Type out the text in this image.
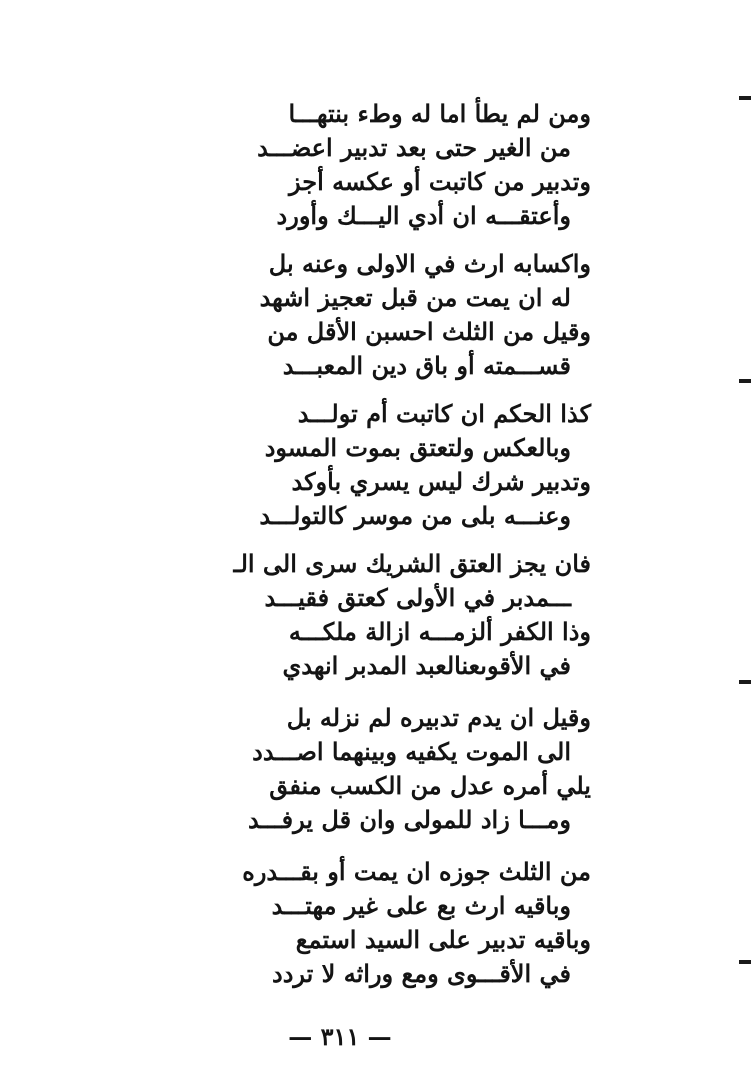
ومن لم يطأ اما له وطء بنتهـــا
من الغير حتى بعد تدبير اعضـــد
وتدبير من كاتبت أو عكسه أجز
وأعتقـــه ان أدي اليـــك وأورد
واكسابه ارث في الاولى وعنه بل
له ان يمت من قبل تعجيز اشهد
وقيل من الثلث احسبن الأقل من
قســـمته أو باق دين المعبـــد
كذا الحكم ان كاتبت أم تولـــد
وبالعكس ولتعتق بموت المسود
وتدبير شرك ليس يسري بأوكد
وعنـــه بلى من موسر كالتولـــد
فان يجز العتق الشريك سرى الى الـ
ـــمدبر في الأولى كعتق فقيـــد
وذا الكفر ألزمـــه ازالة ملكـــه
في الأقوىعنالعبد المدبر انهدي
وقيل ان يدم تدبيره لم نزله بل
الى الموت يكفيه وبينهما اصـــدد
يلي أمره عدل من الكسب منفق
ومـــا زاد للمولى وان قل يرفـــد
من الثلث جوزه ان يمت أو بقـــدره
وباقيه ارث بع على غير مهتـــد
وباقيه تدبير على السيد استمع
في الأقـــوى ومع وراثه لا تردد
— ٣١١ —
